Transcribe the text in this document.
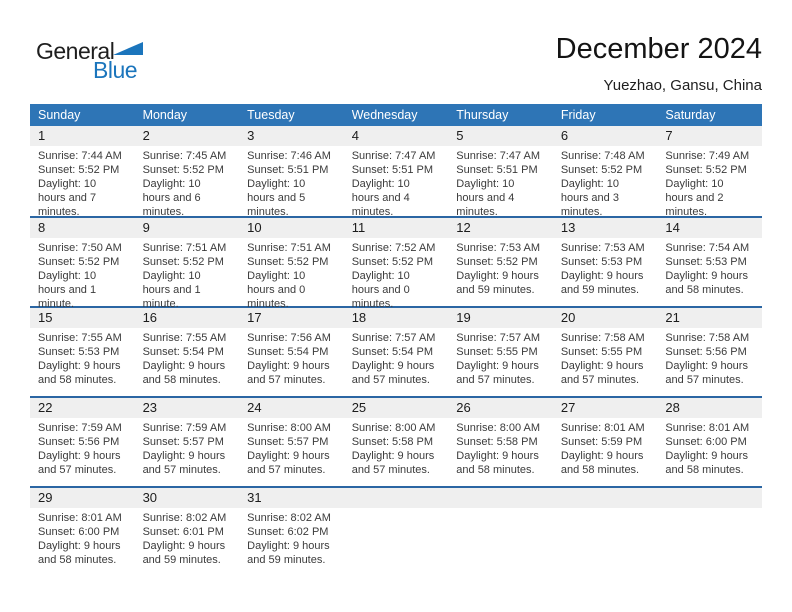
General
Blue
December 2024
Yuezhao, Gansu, China
Sunday	Monday	Tuesday	Wednesday	Thursday	Friday	Saturday
1	2	3	4	5	6	7
Sunrise: 7:44 AM
Sunset: 5:52 PM
Daylight: 10 hours and 7 minutes.
Sunrise: 7:45 AM
Sunset: 5:52 PM
Daylight: 10 hours and 6 minutes.
Sunrise: 7:46 AM
Sunset: 5:51 PM
Daylight: 10 hours and 5 minutes.
Sunrise: 7:47 AM
Sunset: 5:51 PM
Daylight: 10 hours and 4 minutes.
Sunrise: 7:47 AM
Sunset: 5:51 PM
Daylight: 10 hours and 4 minutes.
Sunrise: 7:48 AM
Sunset: 5:52 PM
Daylight: 10 hours and 3 minutes.
Sunrise: 7:49 AM
Sunset: 5:52 PM
Daylight: 10 hours and 2 minutes.
8	9	10	11	12	13	14
Sunrise: 7:50 AM
Sunset: 5:52 PM
Daylight: 10 hours and 1 minute.
Sunrise: 7:51 AM
Sunset: 5:52 PM
Daylight: 10 hours and 1 minute.
Sunrise: 7:51 AM
Sunset: 5:52 PM
Daylight: 10 hours and 0 minutes.
Sunrise: 7:52 AM
Sunset: 5:52 PM
Daylight: 10 hours and 0 minutes.
Sunrise: 7:53 AM
Sunset: 5:52 PM
Daylight: 9 hours and 59 minutes.
Sunrise: 7:53 AM
Sunset: 5:53 PM
Daylight: 9 hours and 59 minutes.
Sunrise: 7:54 AM
Sunset: 5:53 PM
Daylight: 9 hours and 58 minutes.
15	16	17	18	19	20	21
Sunrise: 7:55 AM
Sunset: 5:53 PM
Daylight: 9 hours and 58 minutes.
Sunrise: 7:55 AM
Sunset: 5:54 PM
Daylight: 9 hours and 58 minutes.
Sunrise: 7:56 AM
Sunset: 5:54 PM
Daylight: 9 hours and 57 minutes.
Sunrise: 7:57 AM
Sunset: 5:54 PM
Daylight: 9 hours and 57 minutes.
Sunrise: 7:57 AM
Sunset: 5:55 PM
Daylight: 9 hours and 57 minutes.
Sunrise: 7:58 AM
Sunset: 5:55 PM
Daylight: 9 hours and 57 minutes.
Sunrise: 7:58 AM
Sunset: 5:56 PM
Daylight: 9 hours and 57 minutes.
22	23	24	25	26	27	28
Sunrise: 7:59 AM
Sunset: 5:56 PM
Daylight: 9 hours and 57 minutes.
Sunrise: 7:59 AM
Sunset: 5:57 PM
Daylight: 9 hours and 57 minutes.
Sunrise: 8:00 AM
Sunset: 5:57 PM
Daylight: 9 hours and 57 minutes.
Sunrise: 8:00 AM
Sunset: 5:58 PM
Daylight: 9 hours and 57 minutes.
Sunrise: 8:00 AM
Sunset: 5:58 PM
Daylight: 9 hours and 58 minutes.
Sunrise: 8:01 AM
Sunset: 5:59 PM
Daylight: 9 hours and 58 minutes.
Sunrise: 8:01 AM
Sunset: 6:00 PM
Daylight: 9 hours and 58 minutes.
29	30	31
Sunrise: 8:01 AM
Sunset: 6:00 PM
Daylight: 9 hours and 58 minutes.
Sunrise: 8:02 AM
Sunset: 6:01 PM
Daylight: 9 hours and 59 minutes.
Sunrise: 8:02 AM
Sunset: 6:02 PM
Daylight: 9 hours and 59 minutes.
